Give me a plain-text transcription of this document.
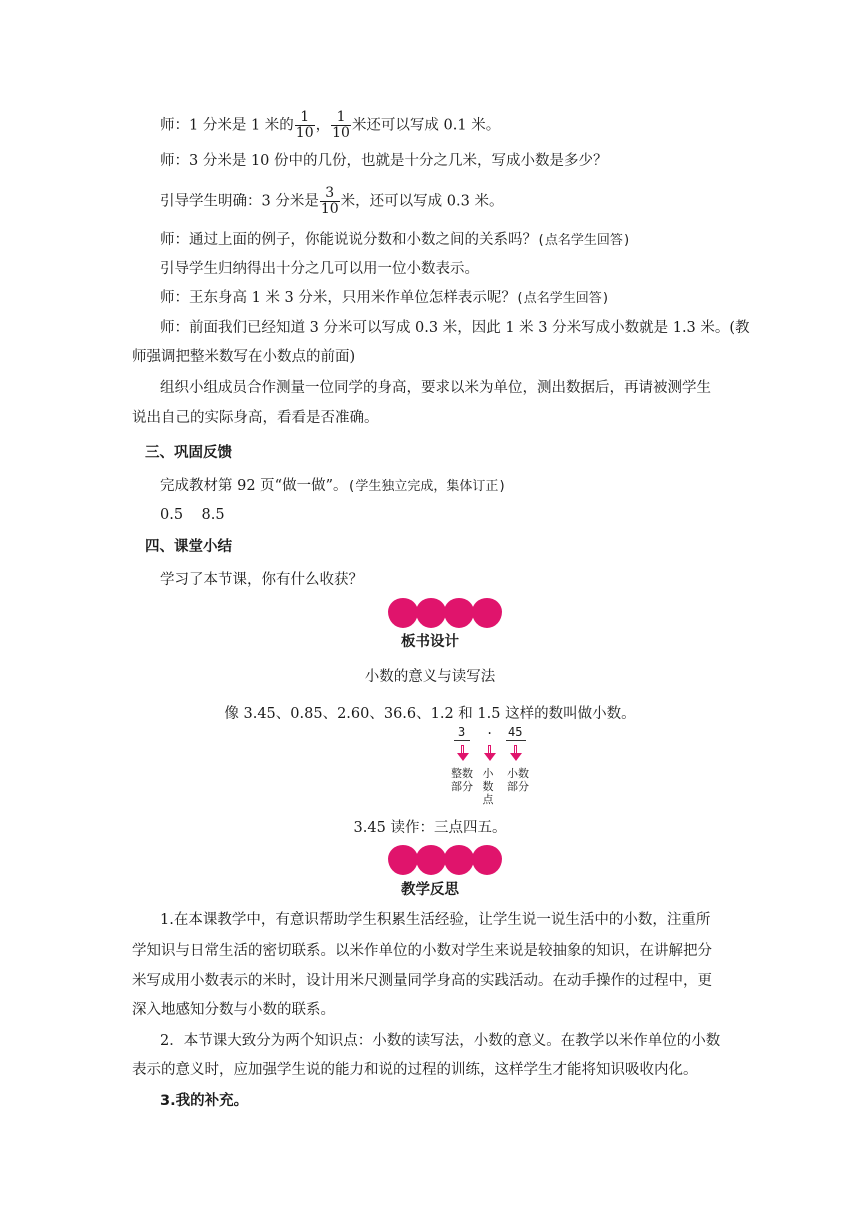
师：1 分米是 1 米的 $\frac{1}{10}$ ， $\frac{1}{10}$ 米还可以写成 0.1 米。
师：3 分米是 10 份中的几份，也就是十分之几米，写成小数是多少？
引导学生明确：3 分米是 $\frac{3}{10}$ 米，还可以写成 0.3 米。
师：通过上面的例子，你能说说分数和小数之间的关系吗？(点名学生回答)
引导学生归纳得出十分之几可以用一位小数表示。
师：王东身高 1 米 3 分米，只用米作单位怎样表示呢？(点名学生回答)
师：前面我们已经知道 3 分米可以写成 0.3 米，因此 1 米 3 分米写成小数就是 1.3 米。(教
师强调把整米数写在小数点的前面)
组织小组成员合作测量一位同学的身高，要求以米为单位，测出数据后，再请被测学生
说出自己的实际身高，看看是否准确。
三、巩固反馈
完成教材第 92 页“做一做”。(学生独立完成，集体订正)
0.5    8.5
四、课堂小结
学习了本节课，你有什么收获？
板书设计
小数的意义与读写法
像 3.45、0.85、2.60、36.6、1.2 和 1.5 这样的数叫做小数。
3 . 45
整数
部分
小
数
点
小数
部分
3.45 读作：三点四五。
教学反思
1.在本课教学中，有意识帮助学生积累生活经验，让学生说一说生活中的小数，注重所
学知识与日常生活的密切联系。以米作单位的小数对学生来说是较抽象的知识，在讲解把分
米写成用小数表示的米时，设计用米尺测量同学身高的实践活动。在动手操作的过程中，更
深入地感知分数与小数的联系。
2．本节课大致分为两个知识点：小数的读写法，小数的意义。在教学以米作单位的小数
表示的意义时，应加强学生说的能力和说的过程的训练，这样学生才能将知识吸收内化。
3.我的补充。
